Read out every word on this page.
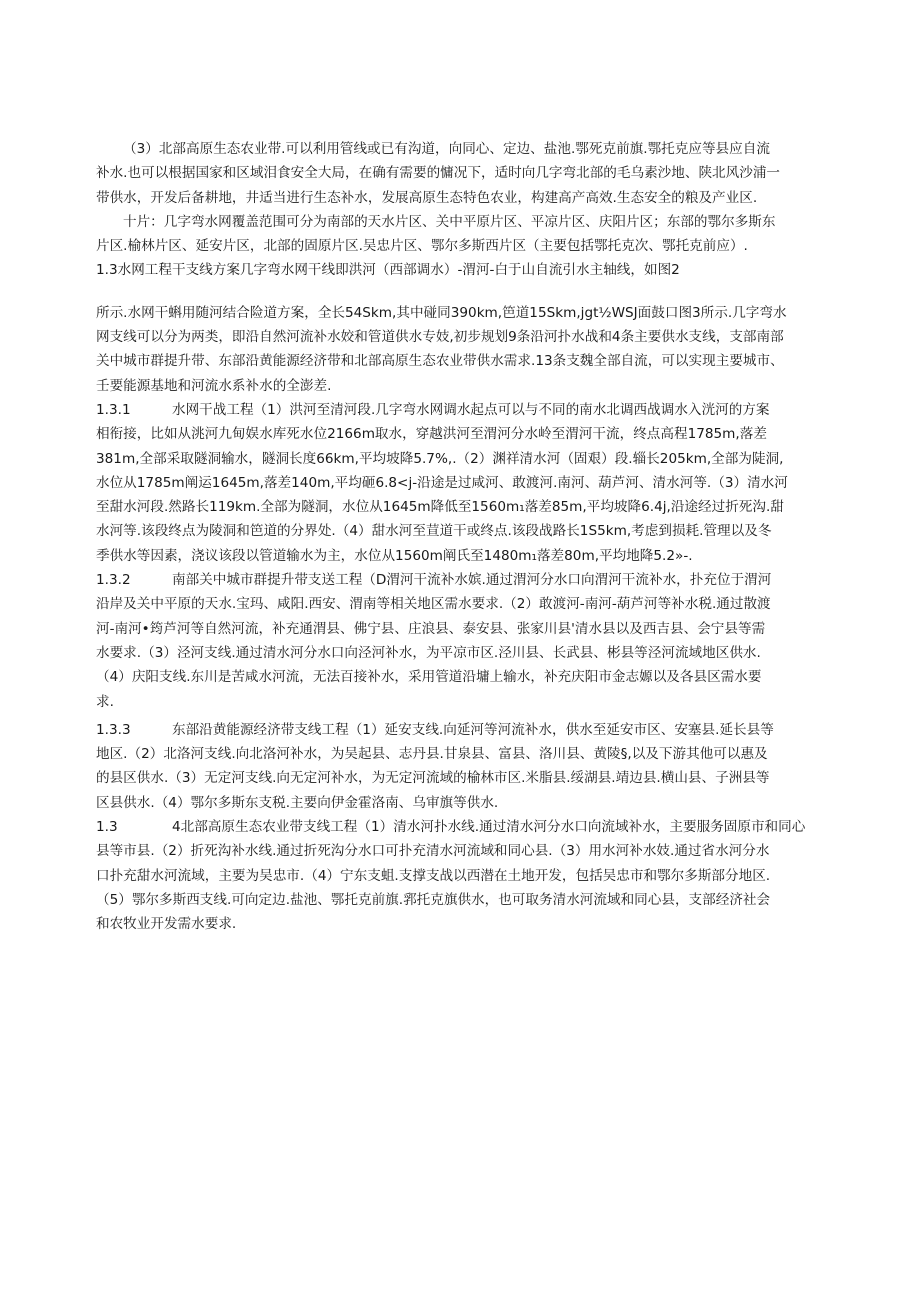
（3）北部高原生态农业带.可以利用管线或已有沟道，向同心、定边、盐池.鄂死克前旗.鄂托克应等县应自流
补水.也可以根据国家和区域泪食安全大局，在确有需要的慵况下，适时向几字弯北部的毛乌素沙地、陕北风沙浦一
带供水，开发后备耕地，井适当进行生态补水，发展高原生态特色农业，构建高产高效.生态安全的粮及产业区.

十片：几字弯水网覆盖范围可分为南部的天水片区、关中平原片区、平凉片区、庆阳片区；东部的鄂尔多斯东
片区.榆林片区、延安片区，北部的固原片区.吴忠片区、鄂尔多斯西片区（主要包括鄂托克次、鄂托克前应）.

1.3水网工程干支线方案几字弯水网干线即洪河（西部调水）-渭河-白于山自流引水主轴线，如图2

所示.水网干蝌用随河结合险道方案，全长54Skm,其中碰同390km,笆道15Skm,jgt½WSJ面鼓口图3所示.几字弯水
网支线可以分为两类，即沿自然河流补水姣和管道供水专妓,初步规划9条沿河扑水战和4条主要供水支线，支部南部
关中城市群提升带、东部沿黄能源经济带和北部高原生态农业带供水需求.13条支魏全部自流，可以实现主要城市、
壬要能源基地和河流水系补水的全澎差.

1.3.1	水网干战工程（1）洪河至清河段.几字弯水网调水起点可以与不同的南水北调西战调水入洸河的方案
相衔接，比如从洮河九甸娱水库死水位2166m取水，穿越洪河至渭河分水岭至渭河干流，终点高程1785m,落差
381m,全部采取隧洞输水，隧洞长度66km,平均坡降5.7%,.（2）渊祥清水河（固艰）段.辎长205km,全部为陡洞,
水位从1785m阐运1645m,落差140m,平均砸6.8<j-沿途是过咸河、敢渡河.南河、葫芦河、清水河等.（3）清水河
至甜水河段.然路长119km.全部为隧洞，水位从1645m降低至1560m₁落差85m,平均坡降6.4j,沿途经过折死沟.甜
水河等.该段终点为陵洞和笆道的分界处.（4）甜水河至荁道干或终点.该段战路长1S5km,考虑到损耗.管理以及冬
季供水等因素，浇议该段以管道输水为主，水位从1560m阐氏至1480m₁落差80m,平均地降5.2»-.

1.3.2	南部关中城市群提升带支送工程（D渭河干流补水嫔.通过渭河分水口向渭河干流补水，扑充位于渭河
沿岸及关中平原的天水.宝玛、咸阳.西安、渭南等相关地区需水要求.（2）敢渡河-南河-葫芦河等补水税.通过散渡
河-南河•筠芦河等自然河流，补充通渭县、佛宁县、庄浪县、泰安县、张家川县'清水县以及西吉县、会宁县等需
水要求.（3）泾河支线.通过清水河分水口向泾河补水，为平凉市区.泾川县、长武县、彬县等泾河流域地区供水.
（4）庆阳支线.东川是苦咸水河流，无法百接补水，采用管道沿墉上输水，补充庆阳市金志嫄以及各县区需水要
求.

1.3.3	东部沿黄能源经济带支线工程（1）延安支线.向延河等河流补水，供水至延安市区、安塞县.延长县等
地区.（2）北洛河支线.向北洛河补水，为吴起县、志丹县.甘泉县、富县、洛川县、黄陵§,以及下游其他可以惠及
的县区供水.（3）无定河支线.向无定河补水，为无定河流域的榆林市区.米脂县.绥湖县.靖边县.横山县、子洲县等
区县供水.（4）鄂尔多斯东支税.主要向伊金霍洛南、乌审旗等供水.

1.3	4北部高原生态农业带支线工程（1）清水河扑水线.通过清水河分水口向流域补水，主要服务固原市和同心
县等市县.（2）折死沟补水线.通过折死沟分水口可扑充清水河流域和同心县.（3）用水河补水妓.通过省水河分水
口扑充甜水河流域，主要为吴忠市.（4）宁东支蛆.支撑支战以西潜在土地开发，包括吴忠市和鄂尔多斯部分地区.
（5）鄂尔多斯西支线.可向定边.盐池、鄂托克前旗.郛托克旗供水，也可取务清水河流域和同心县，支部经济社会
和农牧业开发需水要求.
